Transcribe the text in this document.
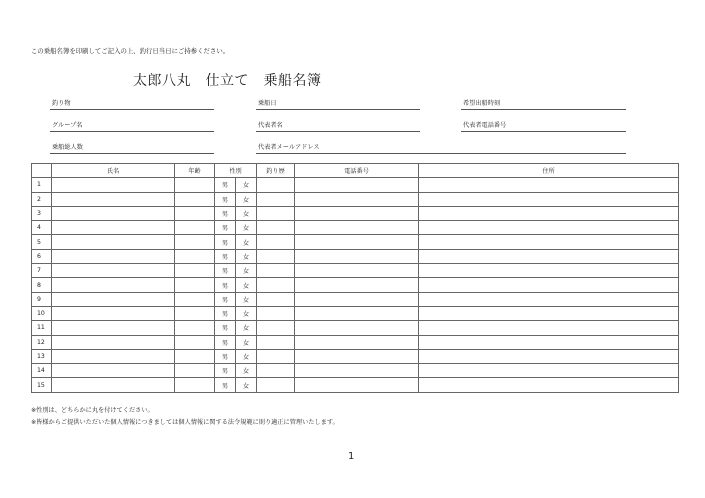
この乗船名簿を印刷してご記入の上、釣行日当日にご持参ください。
太郎八丸　仕立て　乗船名簿
釣り物	乗船日	希望出船時刻
グループ名	代表者名	代表者電話番号
乗船総人数	代表者メールアドレス
	氏名	年齢	性別		釣り歴	電話番号	住所
1			男	女			
2			男	女			
3			男	女			
4			男	女			
5			男	女			
6			男	女			
7			男	女			
8			男	女			
9			男	女			
10			男	女			
11			男	女			
12			男	女			
13			男	女			
14			男	女			
15			男	女			
※性別は、どちらかに丸を付けてください。
※皆様からご提供いただいた個人情報につきましては個人情報に関する法令規範に則り適正に管理いたします。
1
